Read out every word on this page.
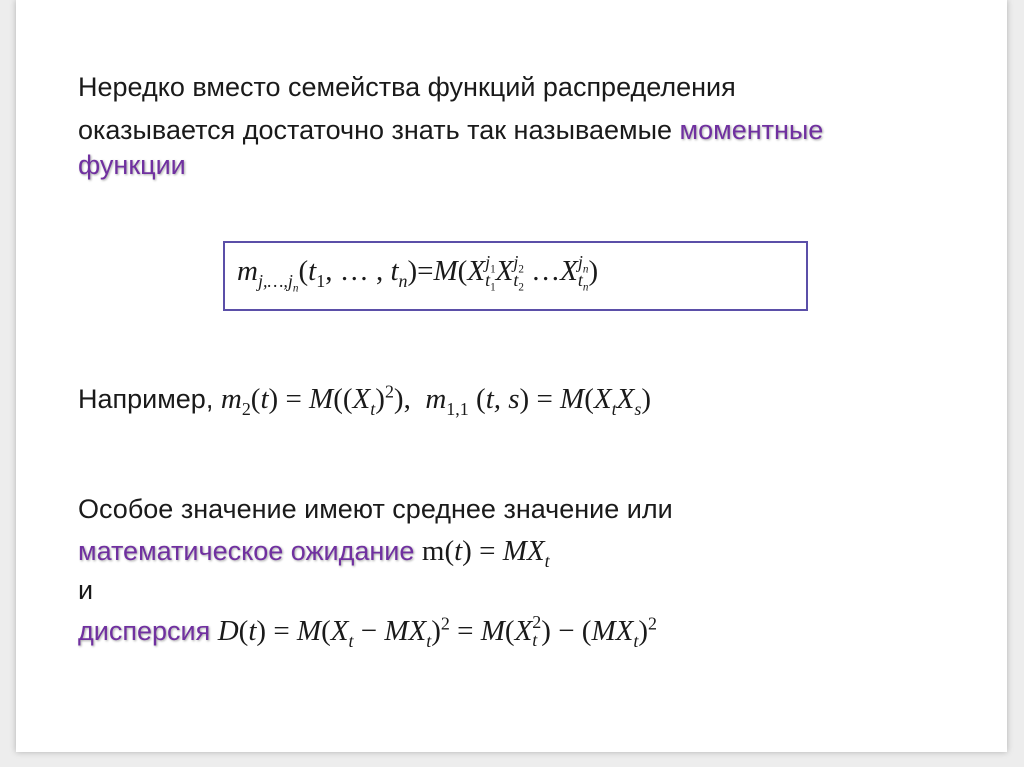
Нередко вместо семейства функций распределения
оказывается достаточно знать так называемые моментные
функции
$m_{j,\dots,j_n}(t_1$, … , $t_n)=M(X$ $j_1$
$t_1$
X $j_2$
$t_2$
…X $j_n$
$t_n$
)
Например, $m_2(t) = M((X_t)^2)$,  $m_{1,1}$ (t, $s) = M(X_tX_s)$
Особое значение имеют среднее значение или
математическое ожидание $m(t) = MX_t$
и
дисперсия $D(t) = M(X_t - MX_t)^2 = M(X$ 2
t ) − $(MX_t)^2$
